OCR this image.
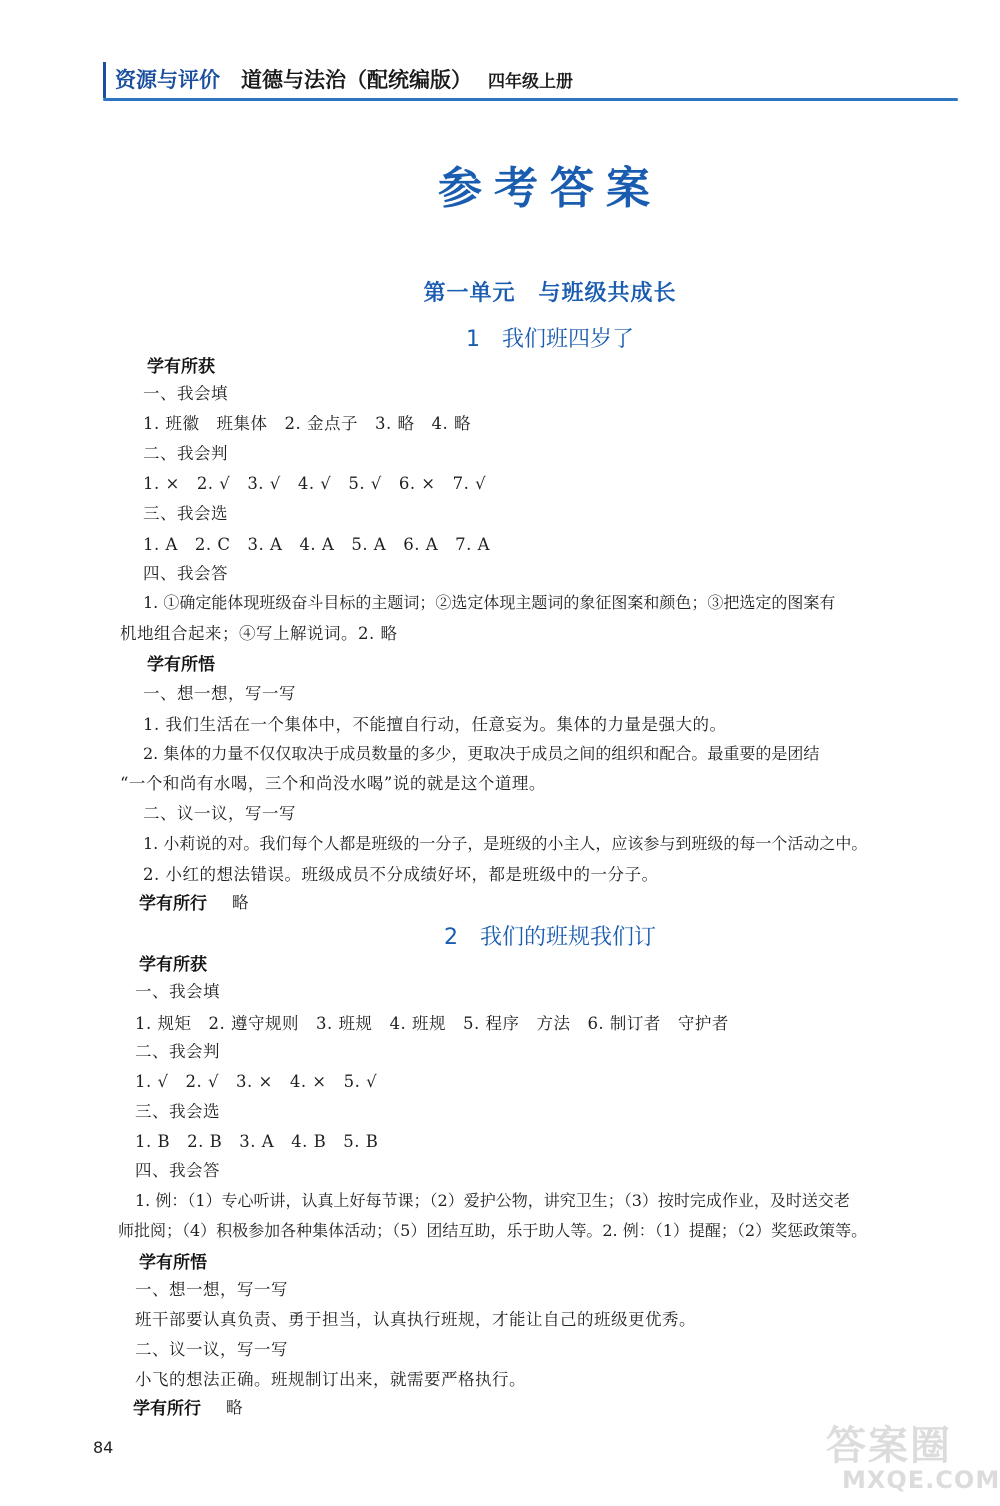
资源与评价 道德与法治（配统编版） 四年级上册
参考答案
第一单元　与班级共成长
1　我们班四岁了
学有所获
一、我会填
1. 班徽　班集体　2. 金点子　3. 略　4. 略
二、我会判
1. ×　2. √　3. √　4. √　5. √　6. ×　7. √
三、我会选
1. A　2. C　3. A　4. A　5. A　6. A　7. A
四、我会答
1. ①确定能体现班级奋斗目标的主题词；②选定体现主题词的象征图案和颜色；③把选定的图案有
机地组合起来；④写上解说词。2. 略
学有所悟
一、想一想，写一写
1. 我们生活在一个集体中，不能擅自行动，任意妄为。集体的力量是强大的。
2. 集体的力量不仅仅取决于成员数量的多少，更取决于成员之间的组织和配合。最重要的是团结
“一个和尚有水喝，三个和尚没水喝”说的就是这个道理。
二、议一议，写一写
1. 小莉说的对。我们每个人都是班级的一分子，是班级的小主人，应该参与到班级的每一个活动之中。
2. 小红的想法错误。班级成员不分成绩好坏，都是班级中的一分子。
学有所行 略
2　我们的班规我们订
学有所获
一、我会填
1. 规矩　2. 遵守规则　3. 班规　4. 班规　5. 程序　方法　6. 制订者　守护者
二、我会判
1. √　2. √　3. ×　4. ×　5. √
三、我会选
1. B　2. B　3. A　4. B　5. B
四、我会答
1. 例：（1）专心听讲，认真上好每节课；（2）爱护公物，讲究卫生；（3）按时完成作业，及时送交老
师批阅；（4）积极参加各种集体活动；（5）团结互助，乐于助人等。2. 例：（1）提醒；（2）奖惩政策等。
学有所悟
一、想一想，写一写
班干部要认真负责、勇于担当，认真执行班规，才能让自己的班级更优秀。
二、议一议，写一写
小飞的想法正确。班规制订出来，就需要严格执行。
学有所行 略
84	答案圈
MXQE.COM
